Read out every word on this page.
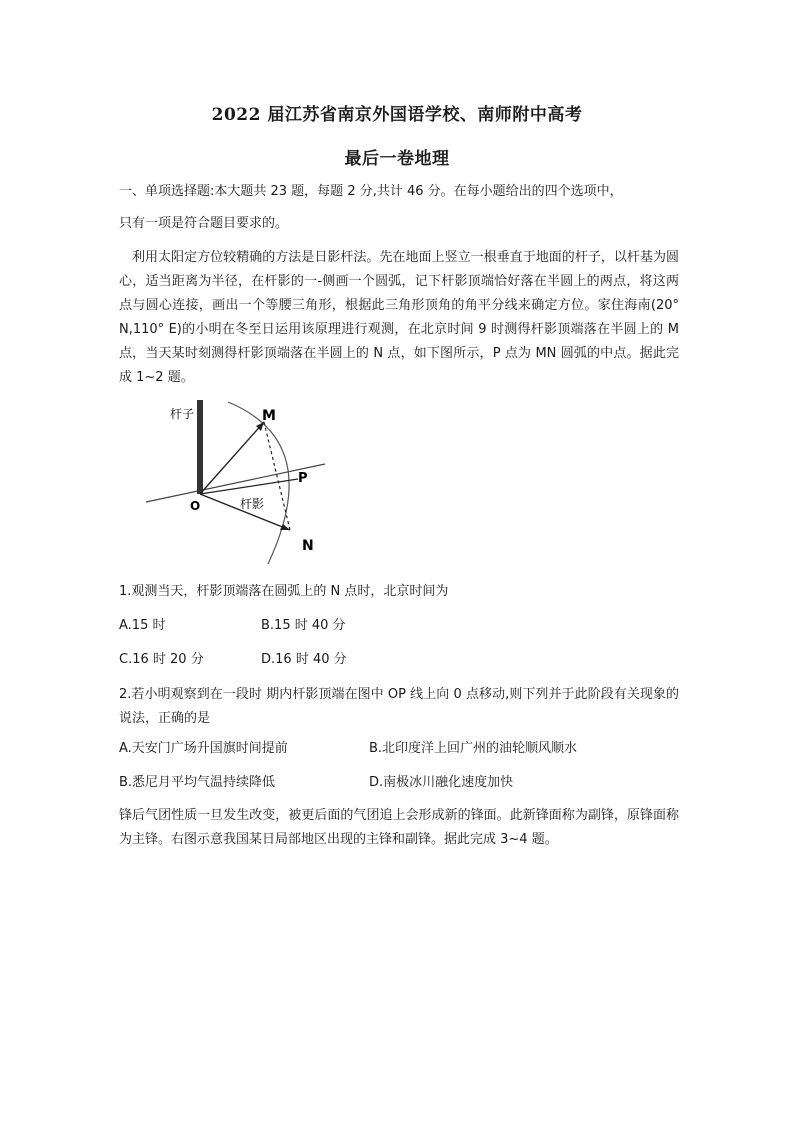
2022 届江苏省南京外国语学校、南师附中高考
最后一卷地理
一、单项选择题:本大题共 23 题，每题 2 分,共计 46 分。在每小题给出的四个选项中，
只有一项是符合题目要求的。
利用太阳定方位较精确的方法是日影杆法。先在地面上竖立一根垂直于地面的杆子，以杆基为圆心，适当距离为半径，在杆影的一-侧画一个圆弧，记下杆影顶端恰好落在半圆上的两点，将这两点与圆心连接，画出一个等腰三角形，根据此三角形顶角的角平分线来确定方位。家住海南(20° N,110° E)的小明在冬至日运用该原理进行观测，在北京时间 9 时测得杆影顶端落在半圆上的 M 点，当天某时刻测得杆影顶端落在半圆上的 N 点，如下图所示，P 点为 MN 圆弧的中点。据此完成 1~2 题。
杆子	M
P
O	杆影
N
1.观测当天，杆影顶端落在圆弧上的 N 点时，北京时间为
A.15 时	B.15 时 40 分
C.16 时 20 分	D.16 时 40 分
2.若小明观察到在一段时 期内杆影顶端在图中 OP 线上向 0 点移动,则下列并于此阶段有关现象的说法，正确的是
A.天安门广场升国旗时间提前	B.北印度洋上回广州的油轮顺风顺水
B.悉尼月平均气温持续降低	D.南极冰川融化速度加快
锋后气团性质一旦发生改变，被更后面的气团追上会形成新的锋面。此新锋面称为副锋，原锋面称为主锋。右图示意我国某日局部地区出现的主锋和副锋。据此完成 3~4 题。
